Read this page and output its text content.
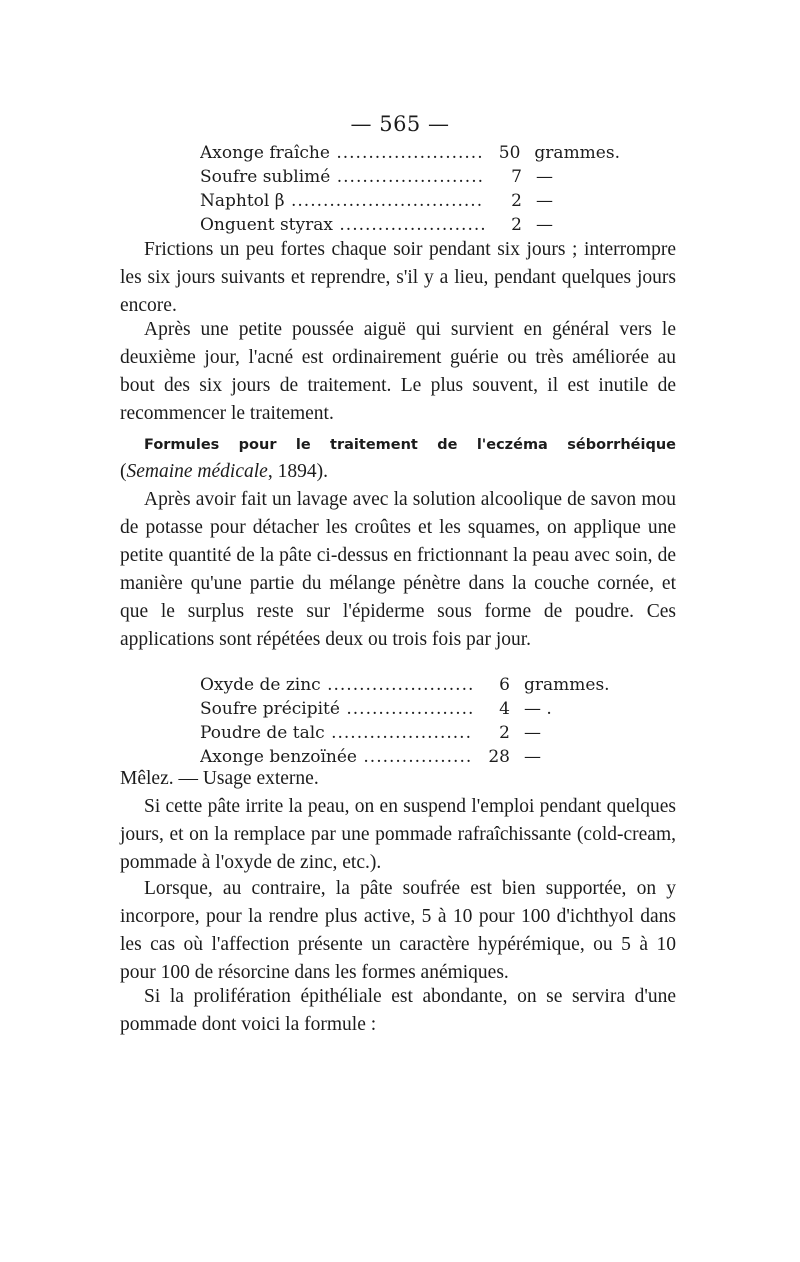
— 565 —
Axonge fraîche .....	50 grammes.
Soufre sublimé .....	7 —
Naphtol β .....	2 —
Onguent styrax .....	2 —

Frictions un peu fortes chaque soir pendant six jours ; interrompre les six jours suivants et reprendre, s'il y a lieu, pendant quelques jours encore.

Après une petite poussée aiguë qui survient en général vers le deuxième jour, l'acné est ordinairement guérie ou très améliorée au bout des six jours de traitement. Le plus souvent, il est inutile de recommencer le traitement.

Formules pour le traitement de l'eczéma séborrhéique

(Semaine médicale, 1894).

Après avoir fait un lavage avec la solution alcoolique de savon mou de potasse pour détacher les croûtes et les squames, on applique une petite quantité de la pâte ci-dessus en frictionnant la peau avec soin, de manière qu'une partie du mélange pénètre dans la couche cornée, et que le surplus reste sur l'épiderme sous forme de poudre. Ces applications sont répétées deux ou trois fois par jour.

Oxyde de zinc .....	6 grammes.
Soufre précipité .....	4 — .
Poudre de talc .....	2 —
Axonge benzoïnée .....	28 —

Mêlez. — Usage externe.

Si cette pâte irrite la peau, on en suspend l'emploi pendant quelques jours, et on la remplace par une pommade rafraîchissante (cold-cream, pommade à l'oxyde de zinc, etc.).

Lorsque, au contraire, la pâte soufrée est bien supportée, on y incorpore, pour la rendre plus active, 5 à 10 pour 100 d'ichthyol dans les cas où l'affection présente un caractère hypérémique, ou 5 à 10 pour 100 de résorcine dans les formes anémiques.

Si la prolifération épithéliale est abondante, on se servira d'une pommade dont voici la formule :
